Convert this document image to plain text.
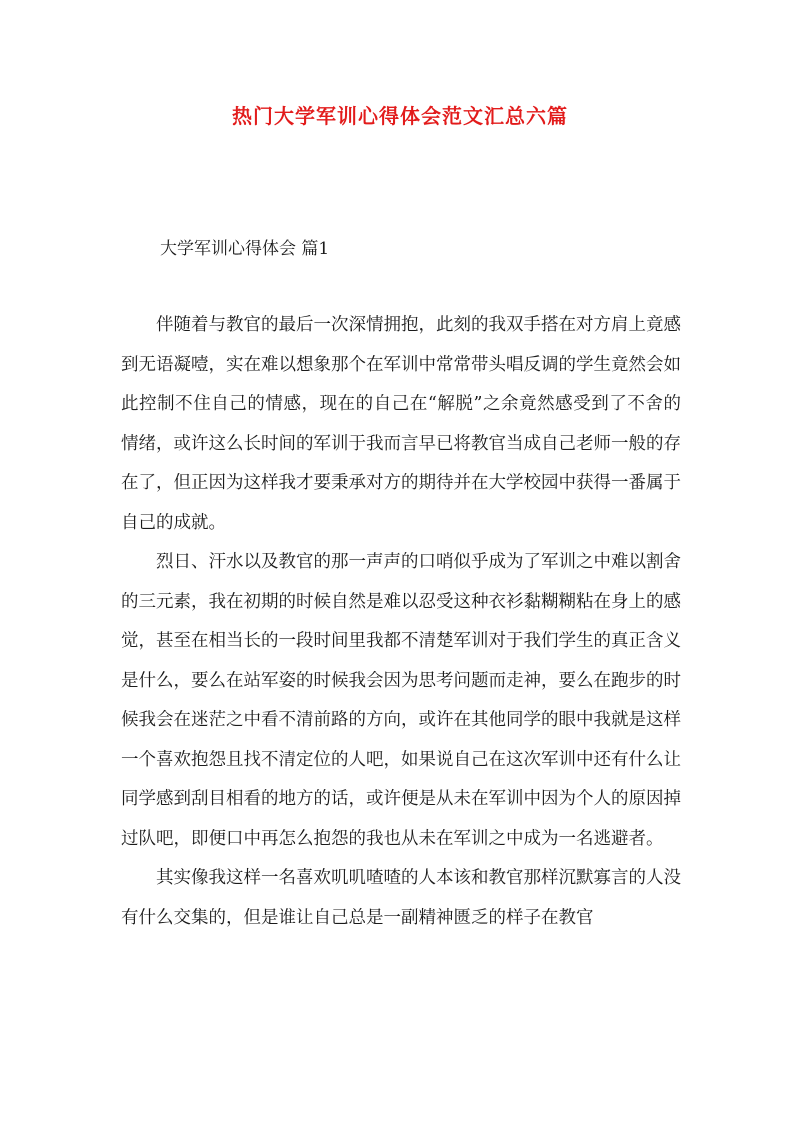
热门大学军训心得体会范文汇总六篇
大学军训心得体会 篇1

伴随着与教官的最后一次深情拥抱，此刻的我双手搭在对方肩上竟感到无语凝噎，实在难以想象那个在军训中常常带头唱反调的学生竟然会如此控制不住自己的情感，现在的自己在“解脱”之余竟然感受到了不舍的情绪，或许这么长时间的军训于我而言早已将教官当成自己老师一般的存在了，但正因为这样我才要秉承对方的期待并在大学校园中获得一番属于自己的成就。

烈日、汗水以及教官的那一声声的口哨似乎成为了军训之中难以割舍的三元素，我在初期的时候自然是难以忍受这种衣衫黏糊糊粘在身上的感觉，甚至在相当长的一段时间里我都不清楚军训对于我们学生的真正含义是什么，要么在站军姿的时候我会因为思考问题而走神，要么在跑步的时候我会在迷茫之中看不清前路的方向，或许在其他同学的眼中我就是这样一个喜欢抱怨且找不清定位的人吧，如果说自己在这次军训中还有什么让同学感到刮目相看的地方的话，或许便是从未在军训中因为个人的原因掉过队吧，即便口中再怎么抱怨的我也从未在军训之中成为一名逃避者。

其实像我这样一名喜欢叽叽喳喳的人本该和教官那样沉默寡言的人没有什么交集的，但是谁让自己总是一副精神匮乏的样子在教官
